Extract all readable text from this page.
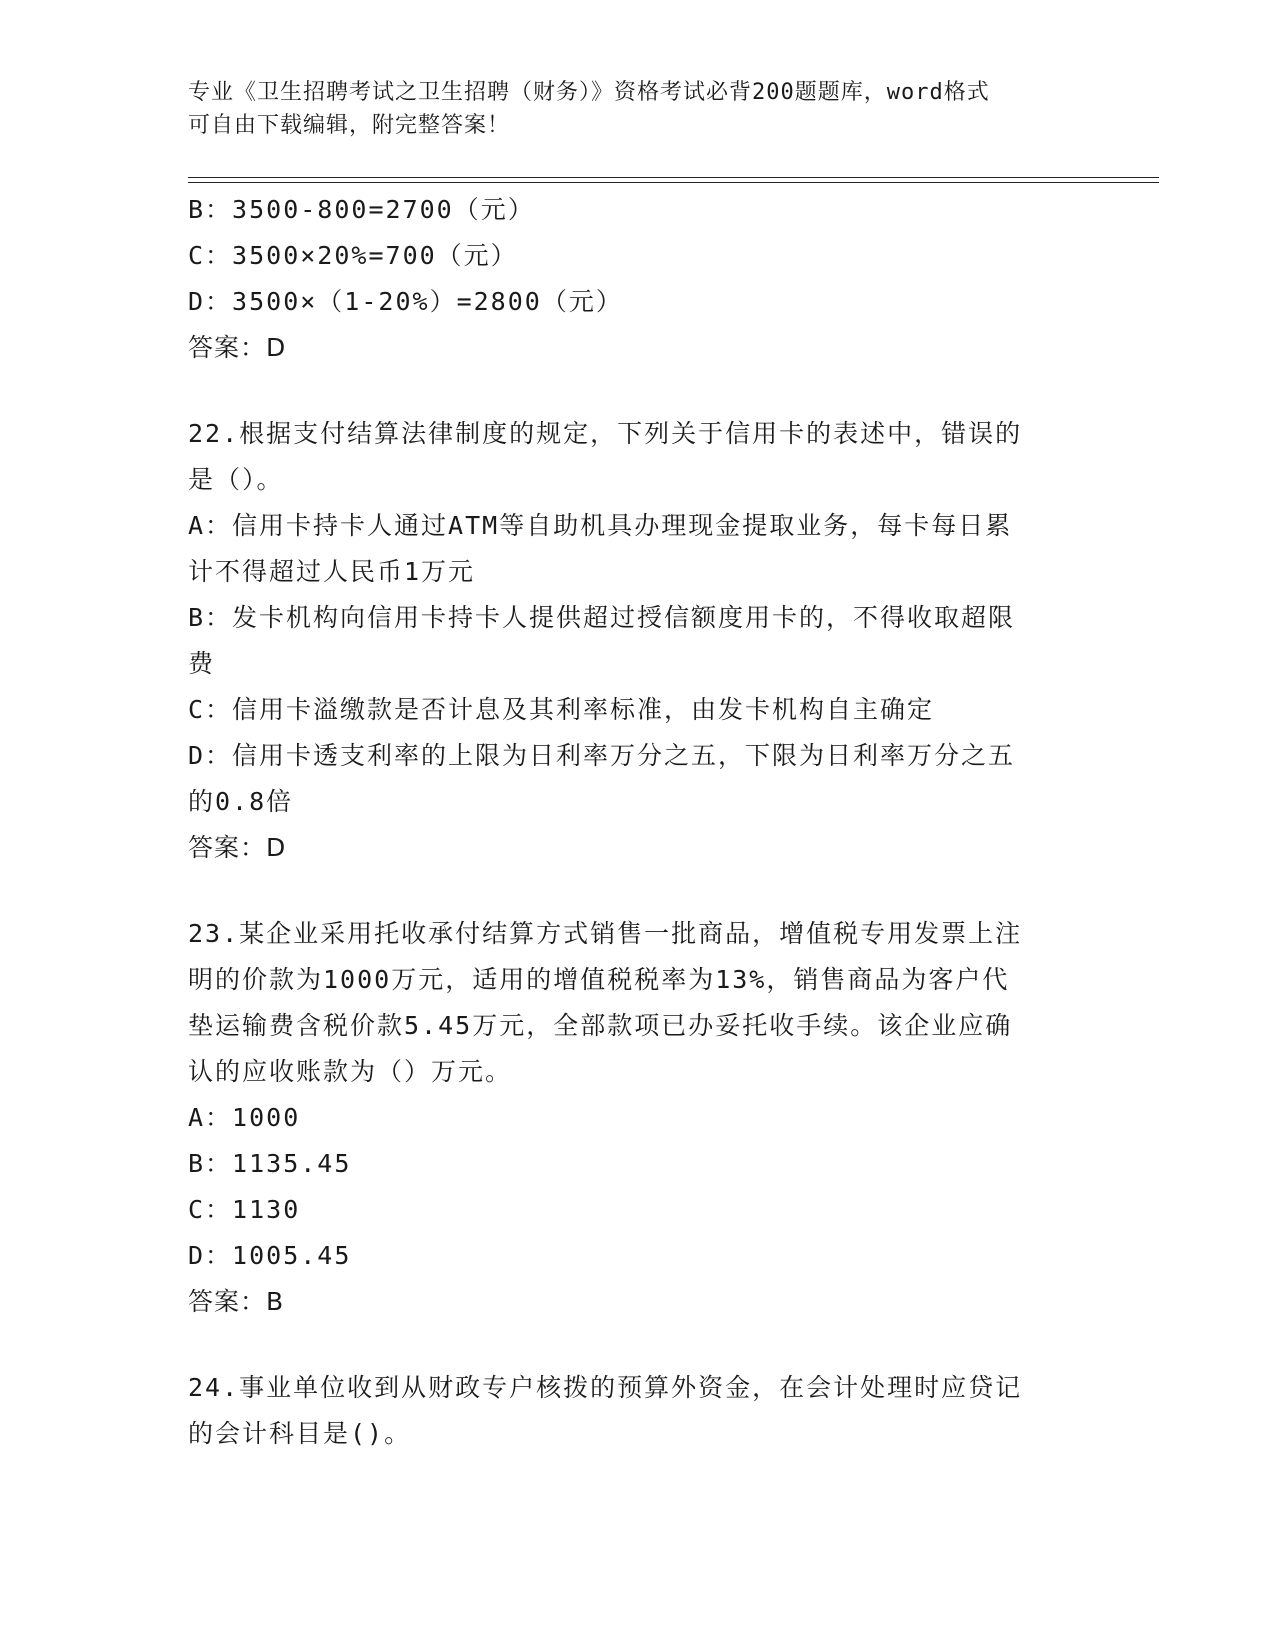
专业《卫生招聘考试之卫生招聘（财务）》资格考试必背200题题库，word格式
可自由下载编辑，附完整答案！
B：3500-800=2700（元）
C：3500×20%=700（元）
D：3500×（1-20%）=2800（元）
答案：D
22.根据支付结算法律制度的规定，下列关于信用卡的表述中，错误的
是（）。
A：信用卡持卡人通过ATM等自助机具办理现金提取业务，每卡每日累
计不得超过人民币1万元
B：发卡机构向信用卡持卡人提供超过授信额度用卡的，不得收取超限
费
C：信用卡溢缴款是否计息及其利率标准，由发卡机构自主确定
D：信用卡透支利率的上限为日利率万分之五，下限为日利率万分之五
的0.8倍
答案：D
23.某企业采用托收承付结算方式销售一批商品，增值税专用发票上注
明的价款为1000万元，适用的增值税税率为13%，销售商品为客户代
垫运输费含税价款5.45万元，全部款项已办妥托收手续。该企业应确
认的应收账款为（）万元。
A：1000
B：1135.45
C：1130
D：1005.45
答案：B
24.事业单位收到从财政专户核拨的预算外资金，在会计处理时应贷记
的会计科目是()。
